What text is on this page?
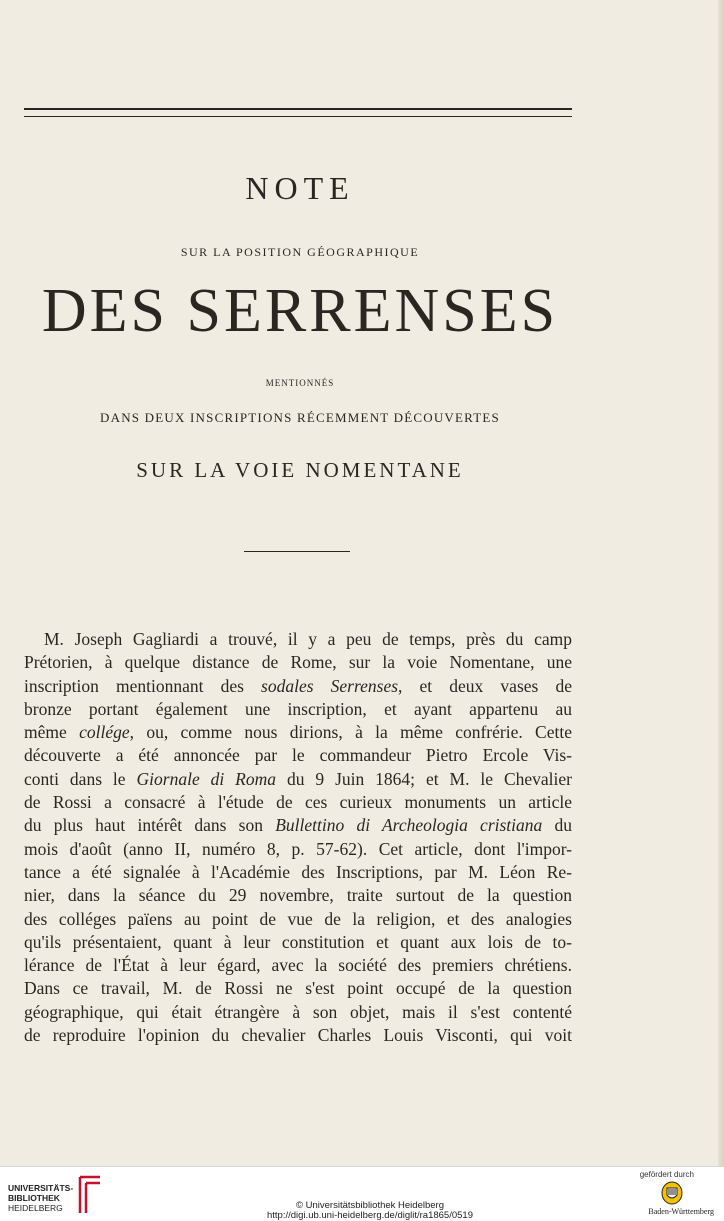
NOTE
SUR LA POSITION GÉOGRAPHIQUE
DES SERRENSES
MENTIONNÉS
DANS DEUX INSCRIPTIONS RÉCEMMENT DÉCOUVERTES
SUR LA VOIE NOMENTANE
M. Joseph Gagliardi a trouvé, il y a peu de temps, près du camp
Prétorien, à quelque distance de Rome, sur la voie Nomentane, une
inscription mentionnant des sodales Serrenses, et deux vases de
bronze portant également une inscription, et ayant appartenu au
même collége, ou, comme nous dirions, à la même confrérie. Cette
découverte a été annoncée par le commandeur Pietro Ercole Vis-
conti dans le Giornale di Roma du 9 Juin 1864; et M. le Chevalier
de Rossi a consacré à l'étude de ces curieux monuments un article
du plus haut intérêt dans son Bullettino di Archeologia cristiana du
mois d'août (anno II, numéro 8, p. 57-62). Cet article, dont l'impor-
tance a été signalée à l'Académie des Inscriptions, par M. Léon Re-
nier, dans la séance du 29 novembre, traite surtout de la question
des colléges païens au point de vue de la religion, et des analogies
qu'ils présentaient, quant à leur constitution et quant aux lois de to-
lérance de l'État à leur égard, avec la société des premiers chrétiens.
Dans ce travail, M. de Rossi ne s'est point occupé de la question
géographique, qui était étrangère à son objet, mais il s'est contenté
de reproduire l'opinion du chevalier Charles Louis Visconti, qui voit
UNIVERSITÄTS-
BIBLIOTHEK
HEIDELBERG	© Universitätsbibliothek Heidelberg
http://digi.ub.uni-heidelberg.de/diglit/ra1865/0519
gefördert durch
Baden-Württemberg
